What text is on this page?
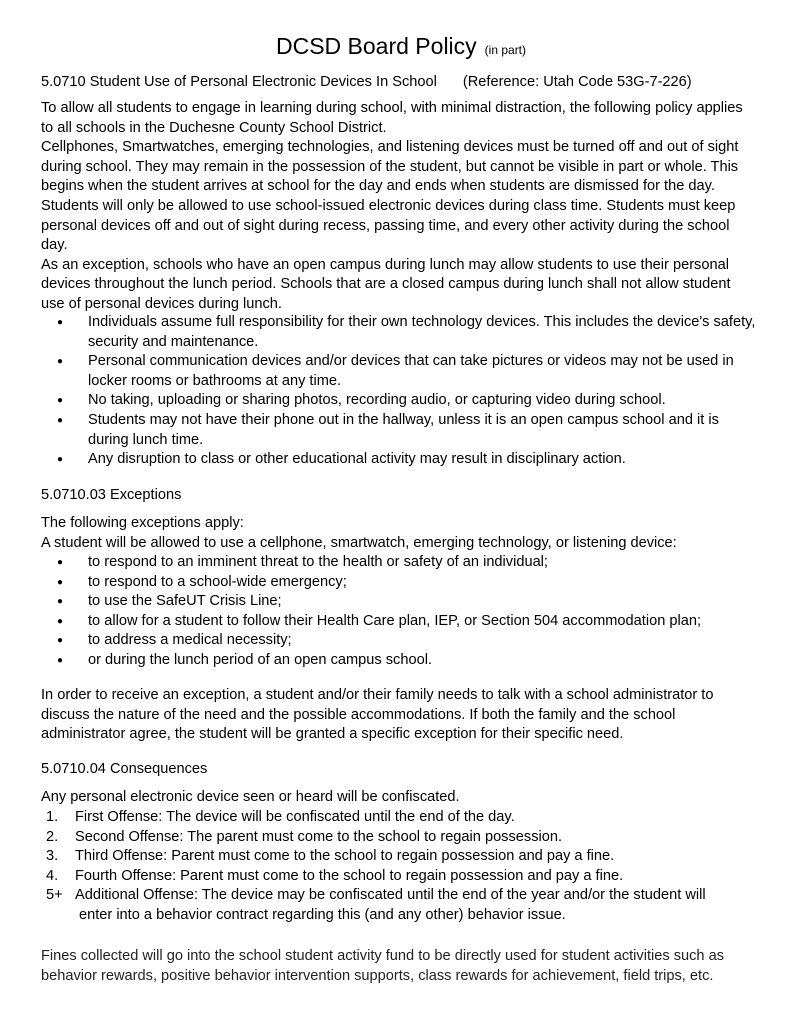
DCSD Board Policy (in part)
5.0710 Student Use of Personal Electronic Devices In School (Reference: Utah Code 53G-7-226)

To allow all students to engage in learning during school, with minimal distraction, the following policy applies to all schools in the Duchesne County School District.

Cellphones, Smartwatches, emerging technologies, and listening devices must be turned off and out of sight during school. They may remain in the possession of the student, but cannot be visible in part or whole. This begins when the student arrives at school for the day and ends when students are dismissed for the day.

Students will only be allowed to use school-issued electronic devices during class time. Students must keep personal devices off and out of sight during recess, passing time, and every other activity during the school day.

As an exception, schools who have an open campus during lunch may allow students to use their personal devices throughout the lunch period. Schools that are a closed campus during lunch shall not allow student use of personal devices during lunch.

● Individuals assume full responsibility for their own technology devices. This includes the device's safety, security and maintenance.
● Personal communication devices and/or devices that can take pictures or videos may not be used in locker rooms or bathrooms at any time.
● No taking, uploading or sharing photos, recording audio, or capturing video during school.
● Students may not have their phone out in the hallway, unless it is an open campus school and it is during lunch time.
● Any disruption to class or other educational activity may result in disciplinary action.
5.0710.03 Exceptions

The following exceptions apply:

A student will be allowed to use a cellphone, smartwatch, emerging technology, or listening device:

● to respond to an imminent threat to the health or safety of an individual;
● to respond to a school-wide emergency;
● to use the SafeUT Crisis Line;
● to allow for a student to follow their Health Care plan, IEP, or Section 504 accommodation plan;
● to address a medical necessity;
● or during the lunch period of an open campus school.

In order to receive an exception, a student and/or their family needs to talk with a school administrator to discuss the nature of the need and the possible accommodations. If both the family and the school administrator agree, the student will be granted a specific exception for their specific need.

5.0710.04 Consequences

Any personal electronic device seen or heard will be confiscated.

1. First Offense: The device will be confiscated until the end of the day.
2. Second Offense: The parent must come to the school to regain possession.
3. Third Offense: Parent must come to the school to regain possession and pay a fine.
4. Fourth Offense: Parent must come to the school to regain possession and pay a fine.
5+ Additional Offense: The device may be confiscated until the end of the year and/or the student will
enter into a behavior contract regarding this (and any other) behavior issue.

Fines collected will go into the school student activity fund to be directly used for student activities such as behavior rewards, positive behavior intervention supports, class rewards for achievement, field trips, etc.
